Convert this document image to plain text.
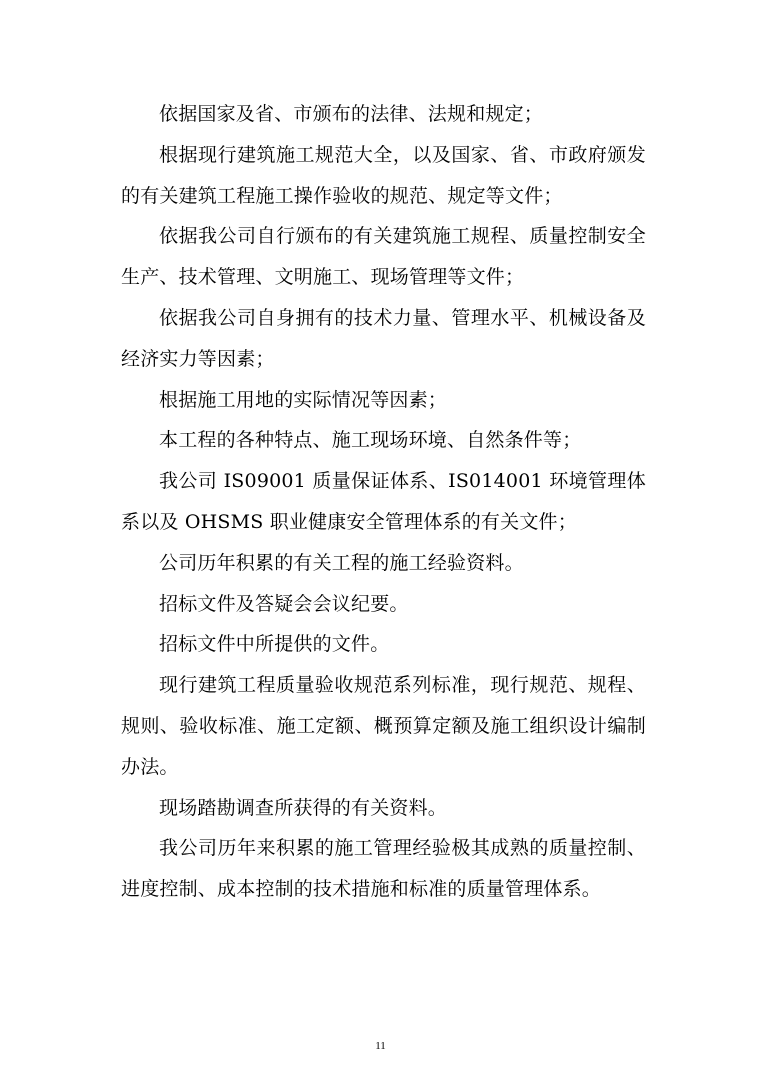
依据国家及省、市颁布的法律、法规和规定；

根据现行建筑施工规范大全，以及国家、省、市政府颁发的有关建筑工程施工操作验收的规范、规定等文件；

依据我公司自行颁布的有关建筑施工规程、质量控制安全生产、技术管理、文明施工、现场管理等文件；

依据我公司自身拥有的技术力量、管理水平、机械设备及经济实力等因素；

根据施工用地的实际情况等因素；

本工程的各种特点、施工现场环境、自然条件等；

我公司 IS09001 质量保证体系、IS014001 环境管理体系以及 OHSMS 职业健康安全管理体系的有关文件；

公司历年积累的有关工程的施工经验资料。

招标文件及答疑会会议纪要。

招标文件中所提供的文件。

现行建筑工程质量验收规范系列标准，现行规范、规程、规则、验收标准、施工定额、概预算定额及施工组织设计编制办法。

现场踏勘调查所获得的有关资料。

我公司历年来积累的施工管理经验极其成熟的质量控制、进度控制、成本控制的技术措施和标准的质量管理体系。

11
